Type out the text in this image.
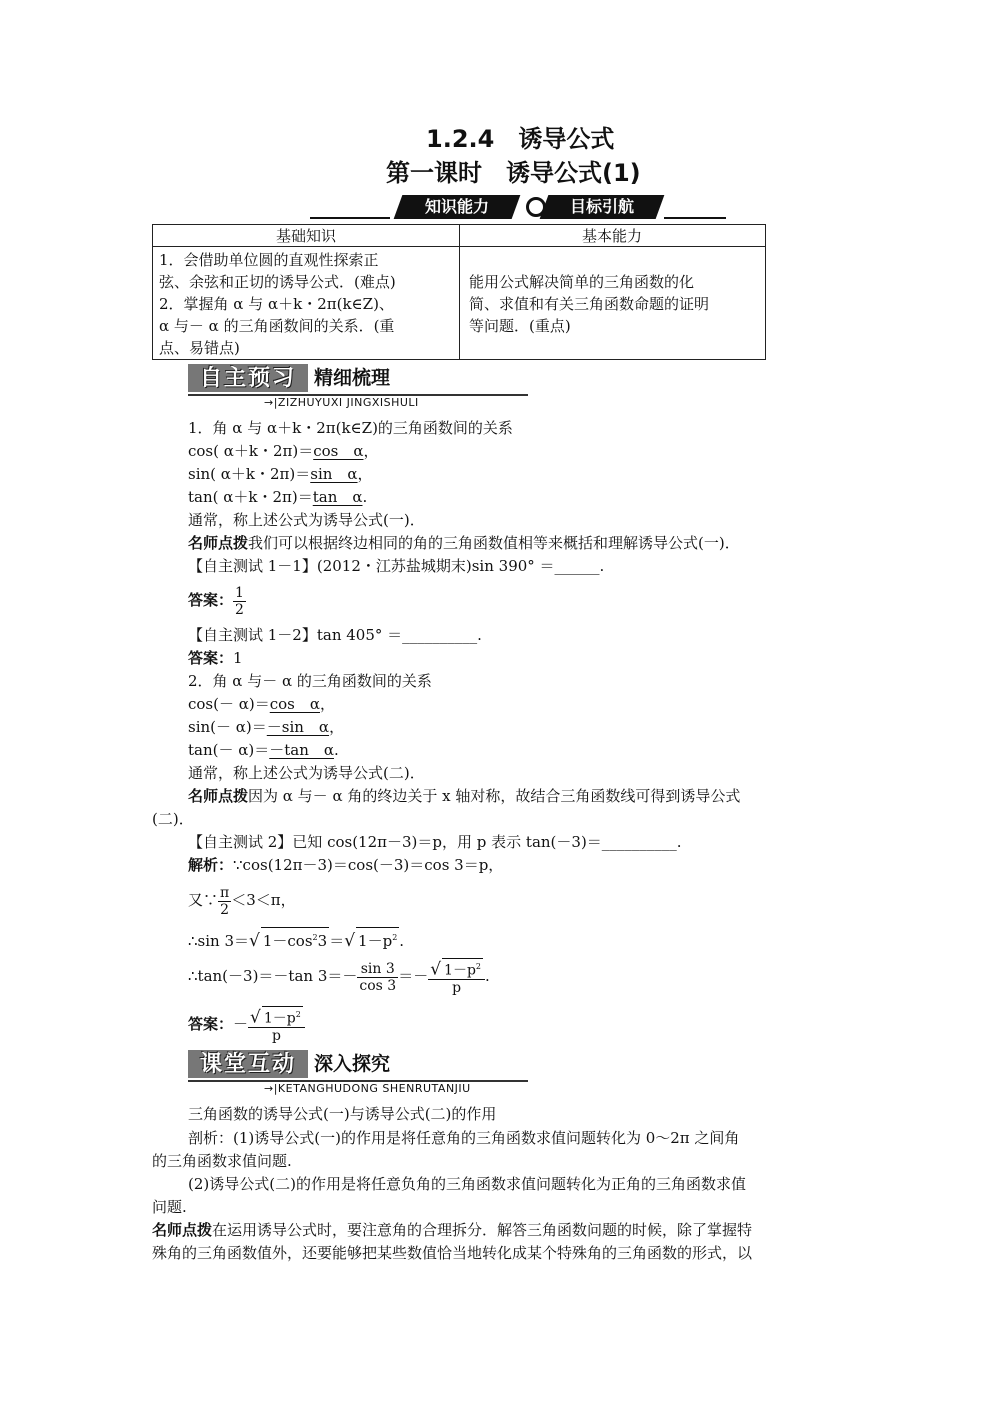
1.2.4　诱导公式
第一课时　诱导公式(1)
知识能力	目标引航
基础知识	基本能力
1．会借助单位圆的直观性探索正
弦、余弦和正切的诱导公式．(难点)
2．掌握角 α 与 α＋k・2π(k∈Z)、
α 与－ α 的三角函数间的关系．(重
点、易错点)
能用公式解决简单的三角函数的化
简、求值和有关三角函数命题的证明
等问题．(重点)
自主预习 精细梳理
→|ZIZHUYUXI JINGXISHULI
1．角 α 与 α＋k・2π(k∈Z)的三角函数间的关系
cos( α＋k・2π)＝cos　α，
sin( α＋k・2π)＝sin　α，
tan( α＋k・2π)＝tan　α.
通常，称上述公式为诱导公式(一)．
名师点拨我们可以根据终边相同的角的三角函数值相等来概括和理解诱导公式(一)．
【自主测试 1－1】(2012・江苏盐城期末)sin 390° ＝______.
答案： $\frac{1}{2}$
【自主测试 1－2】tan 405° ＝__________.
答案：1
2．角 α 与－ α 的三角函数间的关系
cos(－ α)＝cos　α，
sin(－ α)＝－sin　α，
tan(－ α)＝－tan　α.
通常，称上述公式为诱导公式(二)．
名师点拨因为 α 与－ α 角的终边关于 x 轴对称，故结合三角函数线可得到诱导公式
(二)．
【自主测试 2】已知 cos(12π－3)＝p，用 p 表示 tan(－3)＝__________.
解析：∵cos(12π－3)＝cos(－3)＝cos 3＝p，
又∵ $\frac{\pi}{2} <3<\pi$，
∴sin 3＝√ $1-\cos^23$ ＝√ $1-p^2$ .
∴tan(－3)＝－tan $3=- \frac{\sin 3}{\cos 3} =- \frac{√ 1-p^2}{p}$ .
答案：－ $\frac{√ 1-p^2}{p}$
课堂互动 深入探究
→|KETANGHUDONG SHENRUTANJIU
三角函数的诱导公式(一)与诱导公式(二)的作用
剖析：(1)诱导公式(一)的作用是将任意角的三角函数求值问题转化为 0～2π 之间角
的三角函数求值问题.
(2)诱导公式(二)的作用是将任意负角的三角函数求值问题转化为正角的三角函数求值
问题.
名师点拨在运用诱导公式时，要注意角的合理拆分．解答三角函数问题的时候，除了掌握特
殊角的三角函数值外，还要能够把某些数值恰当地转化成某个特殊角的三角函数的形式，以
